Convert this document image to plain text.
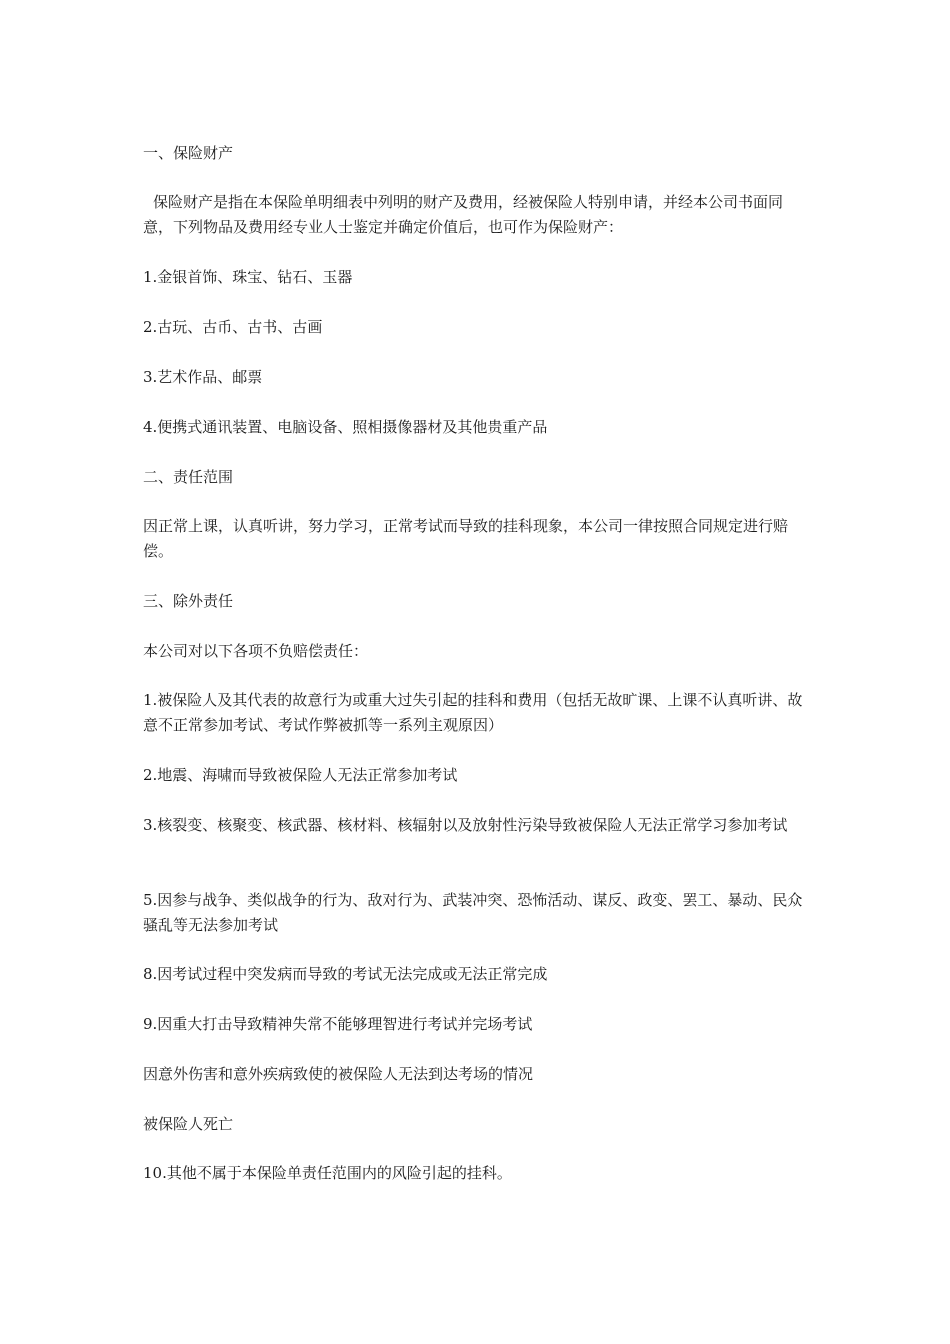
一、保险财产

保险财产是指在本保险单明细表中列明的财产及费用，经被保险人特别申请，并经本公司书面同意，下列物品及费用经专业人士鉴定并确定价值后，也可作为保险财产：

1.金银首饰、珠宝、钻石、玉器

2.古玩、古币、古书、古画

3.艺术作品、邮票

4.便携式通讯装置、电脑设备、照相摄像器材及其他贵重产品

二、责任范围

因正常上课，认真听讲，努力学习，正常考试而导致的挂科现象，本公司一律按照合同规定进行赔偿。

三、除外责任

本公司对以下各项不负赔偿责任：

1.被保险人及其代表的故意行为或重大过失引起的挂科和费用（包括无故旷课、上课不认真听讲、故意不正常参加考试、考试作弊被抓等一系列主观原因）

2.地震、海啸而导致被保险人无法正常参加考试

3.核裂变、核聚变、核武器、核材料、核辐射以及放射性污染导致被保险人无法正常学习参加考试

5.因参与战争、类似战争的行为、敌对行为、武装冲突、恐怖活动、谋反、政变、罢工、暴动、民众骚乱等无法参加考试

8.因考试过程中突发病而导致的考试无法完成或无法正常完成

9.因重大打击导致精神失常不能够理智进行考试并完场考试

因意外伤害和意外疾病致使的被保险人无法到达考场的情况

被保险人死亡

10.其他不属于本保险单责任范围内的风险引起的挂科。
